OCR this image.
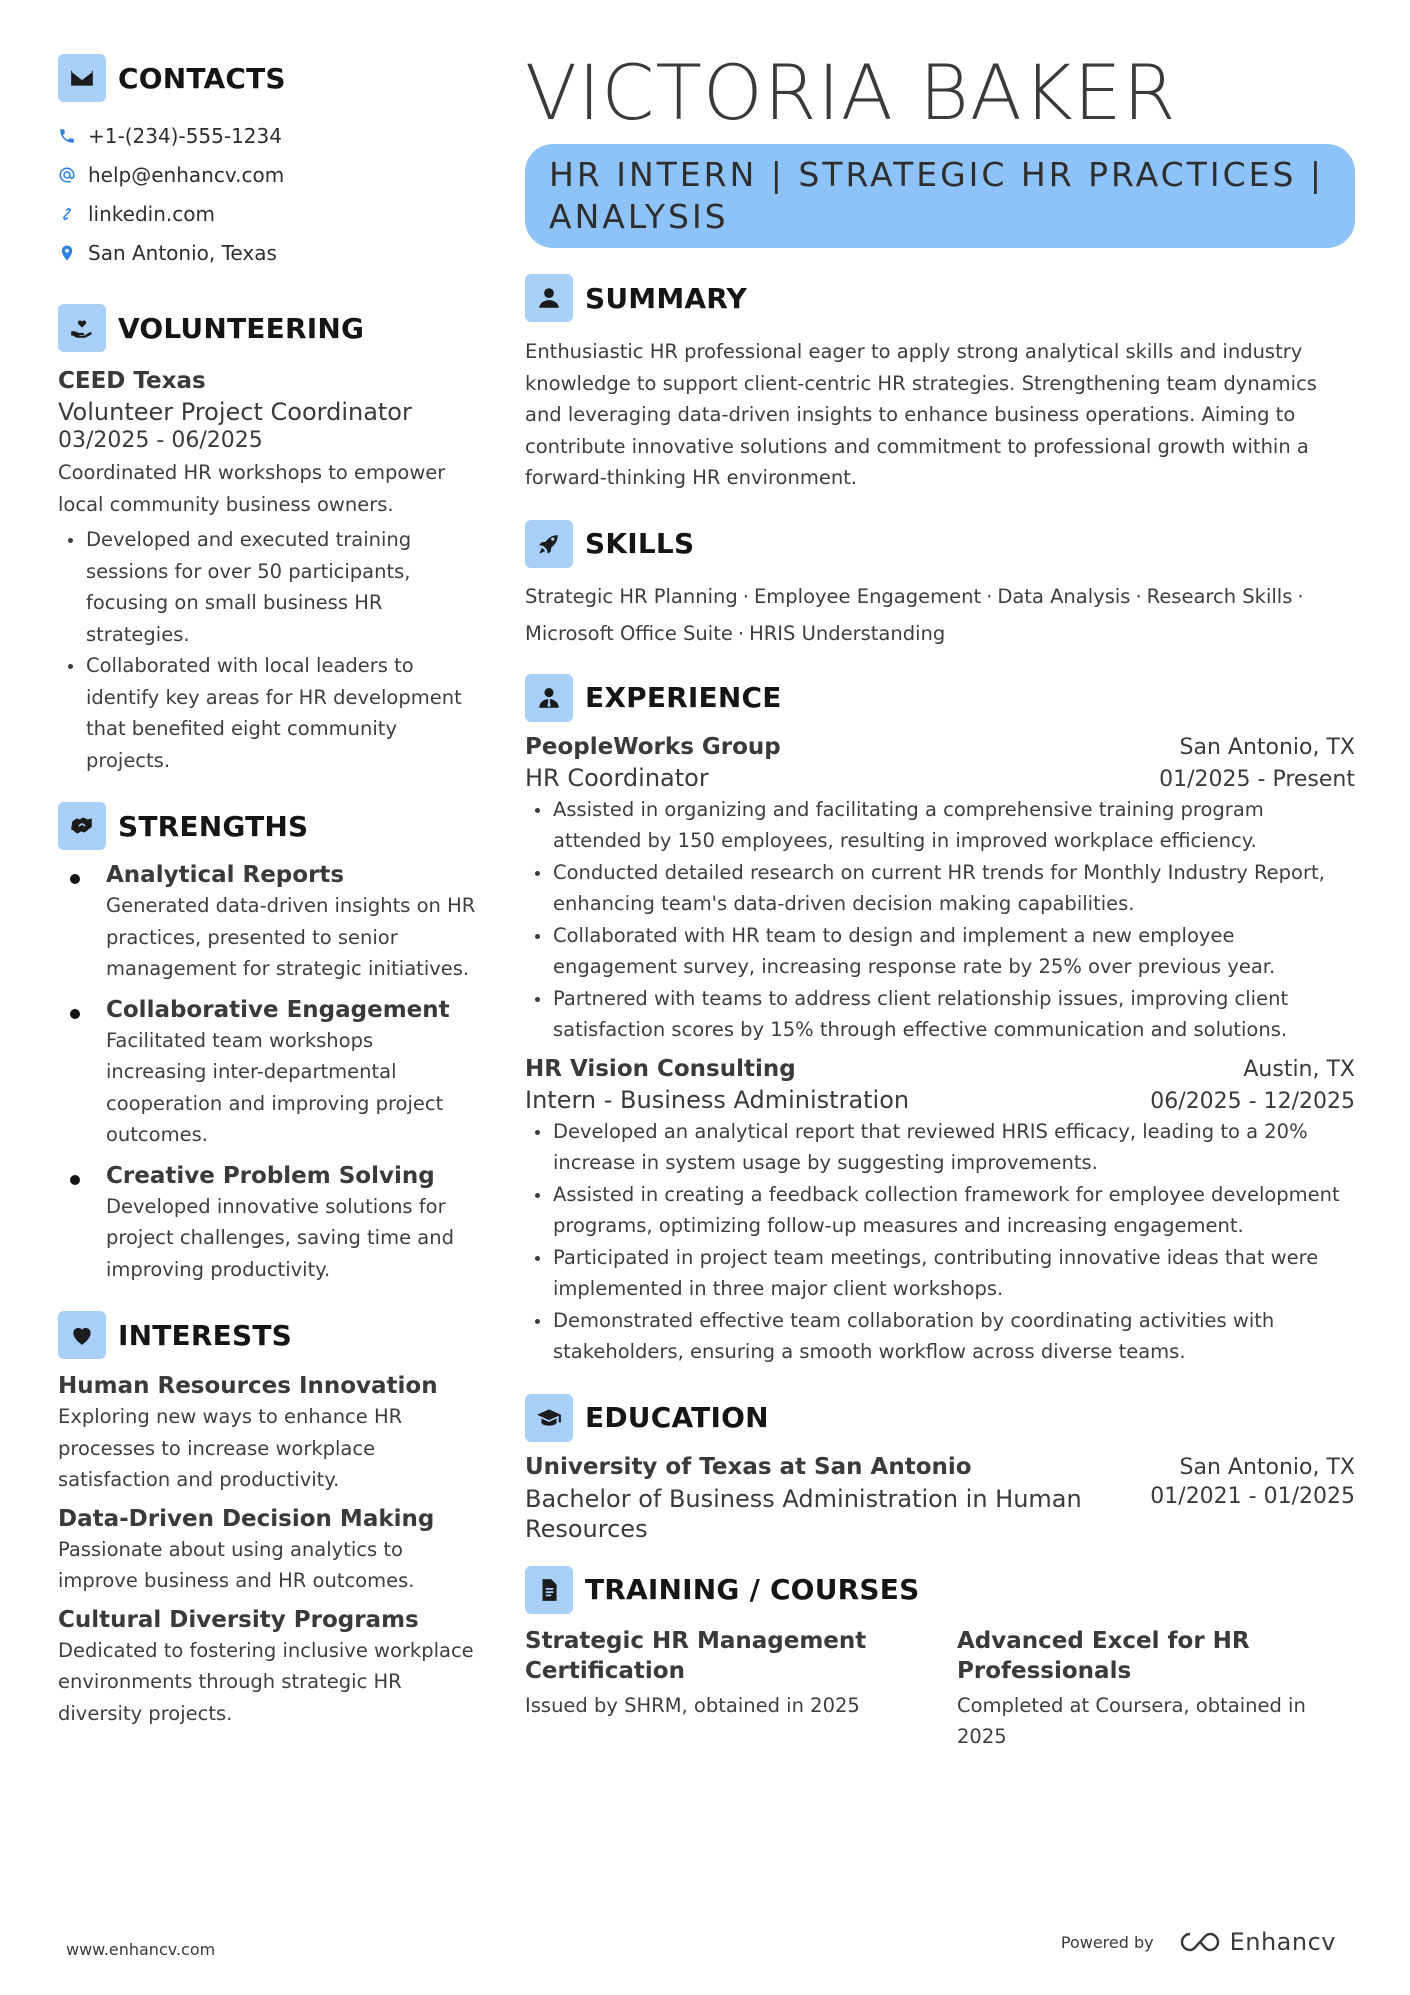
CONTACTS
+1-(234)-555-1234
help@enhancv.com
linkedin.com
San Antonio, Texas
VOLUNTEERING
CEED Texas
Volunteer Project Coordinator
03/2025 - 06/2025
Coordinated HR workshops to empower local community business owners.
Developed and executed training sessions for over 50 participants, focusing on small business HR strategies.
Collaborated with local leaders to identify key areas for HR development that benefited eight community projects.
STRENGTHS
Analytical Reports
Generated data-driven insights on HR practices, presented to senior management for strategic initiatives.
Collaborative Engagement
Facilitated team workshops increasing inter-departmental cooperation and improving project outcomes.
Creative Problem Solving
Developed innovative solutions for project challenges, saving time and improving productivity.
INTERESTS
Human Resources Innovation
Exploring new ways to enhance HR processes to increase workplace satisfaction and productivity.
Data-Driven Decision Making
Passionate about using analytics to improve business and HR outcomes.
Cultural Diversity Programs
Dedicated to fostering inclusive workplace environments through strategic HR diversity projects.
VICTORIA BAKER
HR INTERN | STRATEGIC HR PRACTICES | ANALYSIS
SUMMARY
Enthusiastic HR professional eager to apply strong analytical skills and industry knowledge to support client-centric HR strategies. Strengthening team dynamics and leveraging data-driven insights to enhance business operations. Aiming to contribute innovative solutions and commitment to professional growth within a forward-thinking HR environment.
SKILLS
Strategic HR Planning · Employee Engagement · Data Analysis · Research Skills ·
Microsoft Office Suite · HRIS Understanding
EXPERIENCE
PeopleWorks Group	San Antonio, TX
HR Coordinator	01/2025 - Present
Assisted in organizing and facilitating a comprehensive training program attended by 150 employees, resulting in improved workplace efficiency.
Conducted detailed research on current HR trends for Monthly Industry Report, enhancing team's data-driven decision making capabilities.
Collaborated with HR team to design and implement a new employee engagement survey, increasing response rate by 25% over previous year.
Partnered with teams to address client relationship issues, improving client satisfaction scores by 15% through effective communication and solutions.
HR Vision Consulting	Austin, TX
Intern - Business Administration	06/2025 - 12/2025
Developed an analytical report that reviewed HRIS efficacy, leading to a 20% increase in system usage by suggesting improvements.
Assisted in creating a feedback collection framework for employee development programs, optimizing follow-up measures and increasing engagement.
Participated in project team meetings, contributing innovative ideas that were implemented in three major client workshops.
Demonstrated effective team collaboration by coordinating activities with stakeholders, ensuring a smooth workflow across diverse teams.
EDUCATION
University of Texas at San Antonio	San Antonio, TX
Bachelor of Business Administration in Human Resources
01/2021 - 01/2025
TRAINING / COURSES
Strategic HR Management Certification
Issued by SHRM, obtained in 2025
Advanced Excel for HR Professionals
Completed at Coursera, obtained in 2025
www.enhancv.com	Powered by	Enhancv
